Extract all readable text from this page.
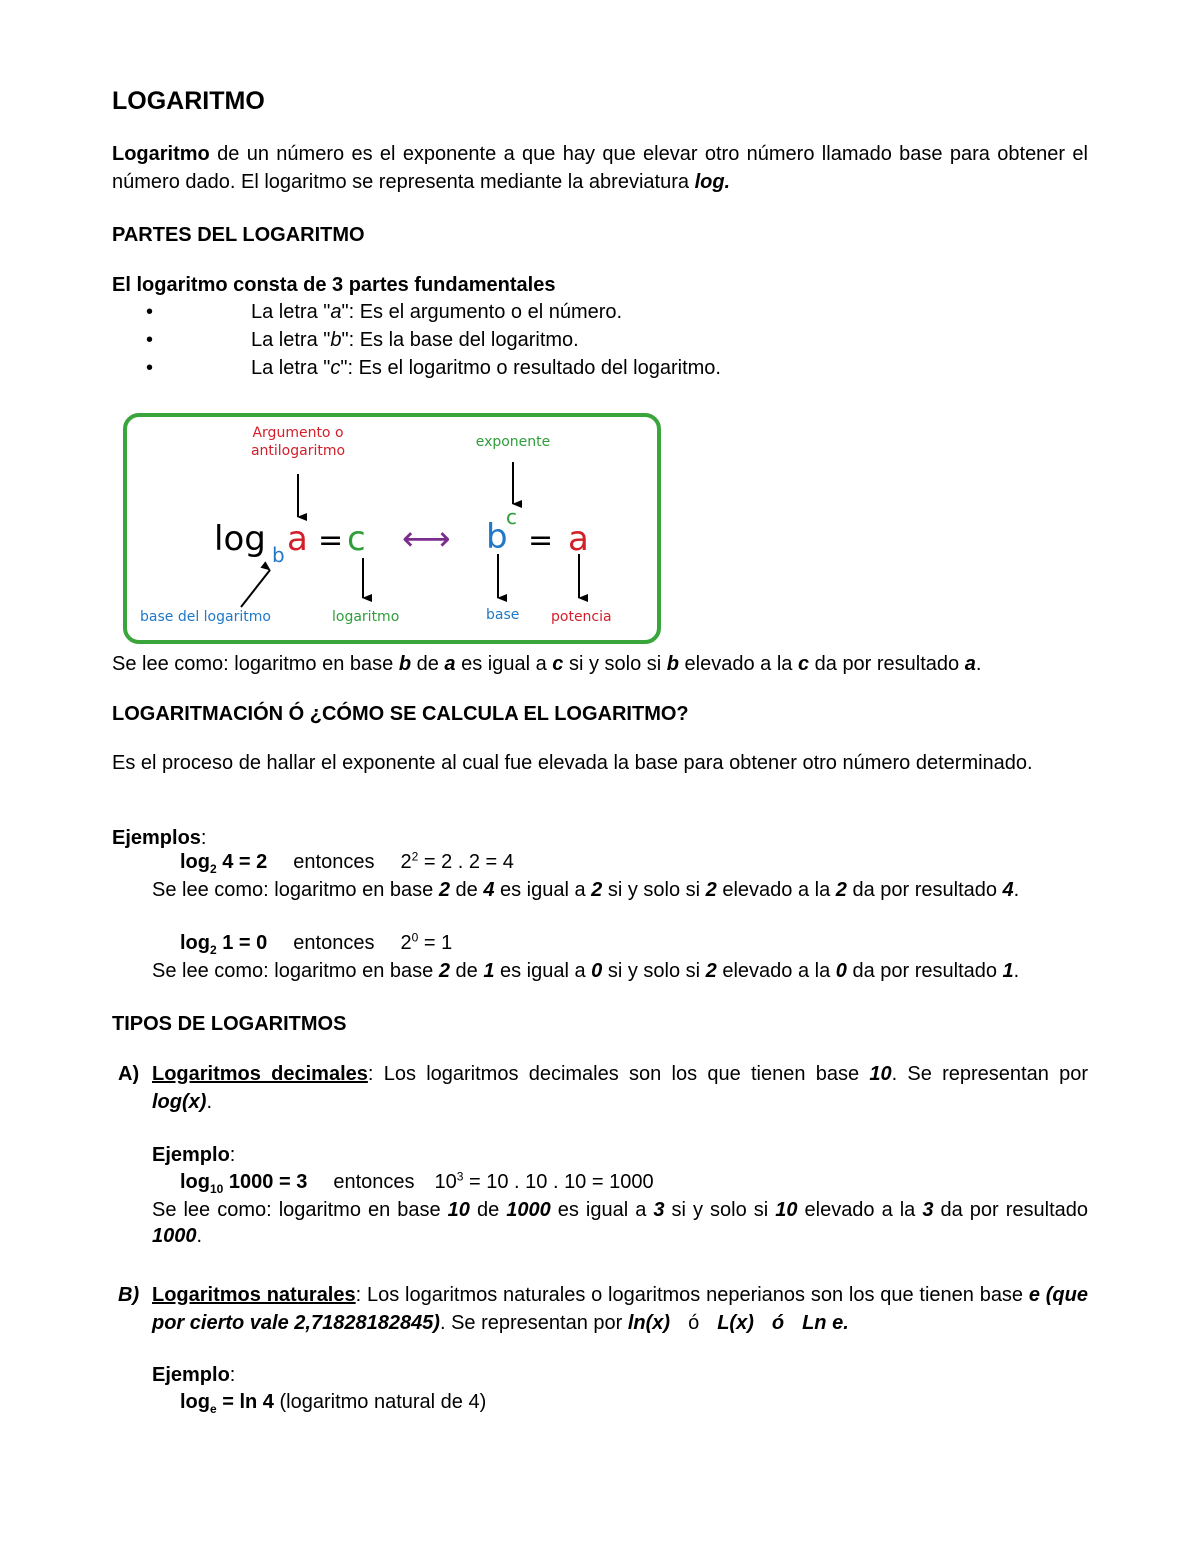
LOGARITMO

Logaritmo de un número es el exponente a que hay que elevar otro número llamado base para obtener el número dado. El logaritmo se representa mediante la abreviatura log.

PARTES DEL LOGARITMO
El logaritmo consta de 3 partes fundamentales
•	La letra "a": Es el argumento o el número.
•	La letra "b": Es la base del logaritmo.
•	La letra "c": Es el logaritmo o resultado del logaritmo.
Argumento o
antilogaritmo
exponente
log b a = c ⟷ b
c
= a
base del logaritmo	logaritmo	base potencia
Se lee como: logaritmo en base b de a es igual a c si y solo si b elevado a la c da por resultado a.
LOGARITMACIÓN Ó ¿CÓMO SE CALCULA EL LOGARITMO?

Es el proceso de hallar el exponente al cual fue elevada la base para obtener otro número determinado.

Ejemplos:
$\log_2 4 = 2$ entonces $2^2 = 2$ . 2 = 4
Se lee como: logaritmo en base 2 de 4 es igual a 2 si y solo si 2 elevado a la 2 da por resultado 4.
$\log_2 1 = 0$ entonces $2^0 = 1$
Se lee como: logaritmo en base 2 de 1 es igual a 0 si y solo si 2 elevado a la 0 da por resultado 1.
TIPOS DE LOGARITMOS
A) Logaritmos decimales: Los logaritmos decimales son los que tienen base 10. Se representan por log(x).

Ejemplo:
$\log_{10} 1000 = 3$ entonces $10^3 = 10$ . 10 . 10 = 1000

Se lee como: logaritmo en base 10 de 1000 es igual a 3 si y solo si 10 elevado a la 3 da por resultado 1000.

B) Logaritmos naturales: Los logaritmos naturales o logaritmos neperianos son los que tienen base e (que por cierto vale 2,71828182845). Se representan por ln(x) ó L(x) ó Ln e.

Ejemplo:
$\log_e = \ln 4$ (logaritmo natural de 4)
